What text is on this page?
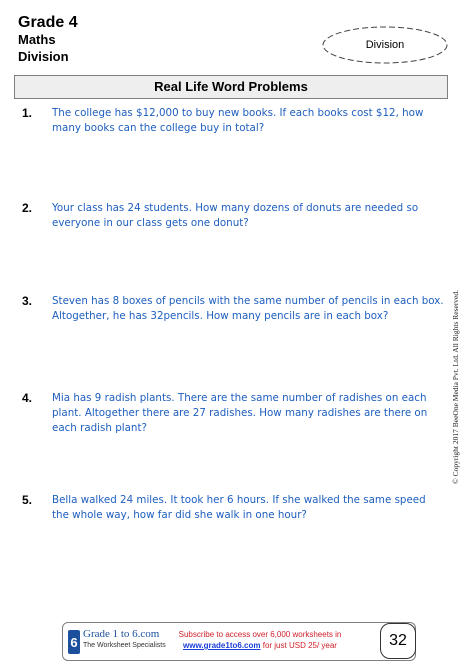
Grade 4
Maths
Division
Division
Real Life Word Problems
1. The college has $12,000 to buy new books. If each books cost $12, how many books can the college buy in total?
2. Your class has 24 students. How many dozens of donuts are needed so everyone in our class gets one donut?
3. Steven has 8 boxes of pencils with the same number of pencils in each box. Altogether, he has 32pencils. How many pencils are in each box?
4. Mia has 9 radish plants. There are the same number of radishes on each plant. Altogether there are 27 radishes. How many radishes are there on each radish plant?
5. Bella walked 24 miles. It took her 6 hours. If she walked the same speed the whole way, how far did she walk in one hour?
© Copyright 2017 BeeOne Media Pvt. Ltd. All Rights Reserved.
6
Grade 1 to 6.com
The Worksheet Specialists
Subscribe to access over 6,000 worksheets in
www.grade1to6.com for just USD 25/ year	32
